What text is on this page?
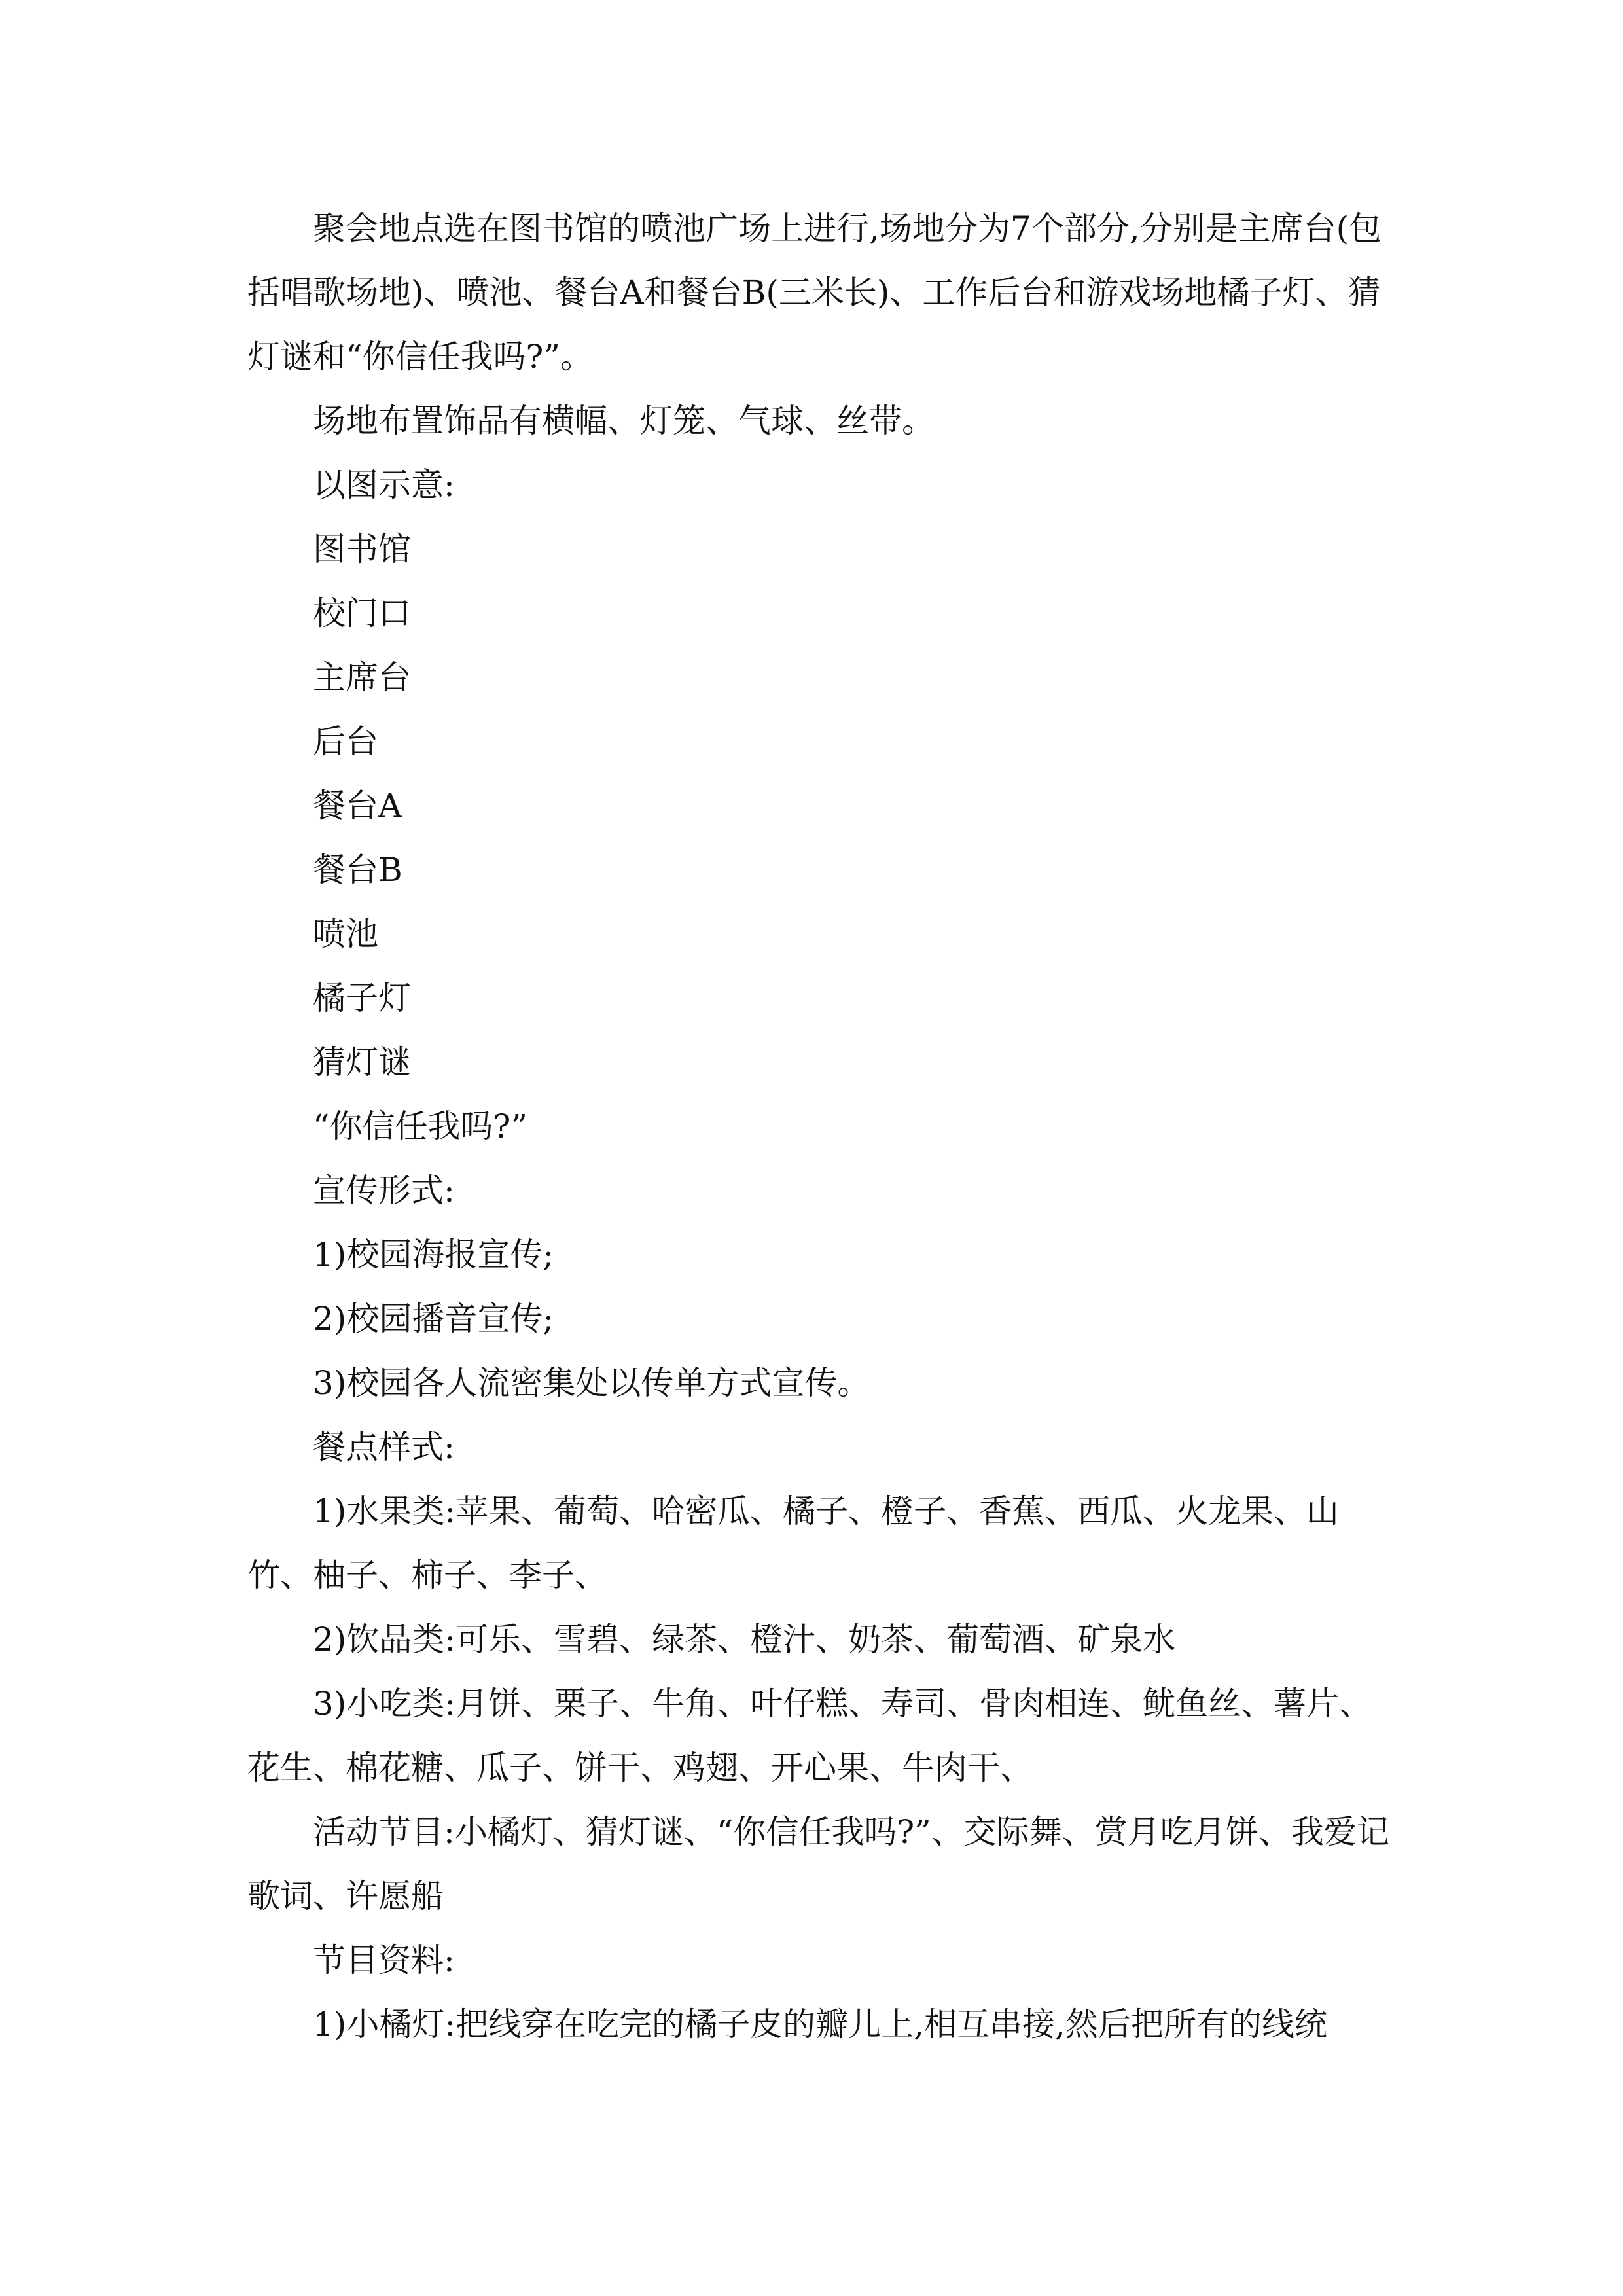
聚会地点选在图书馆的喷池广场上进行,场地分为7个部分,分别是主席台(包括唱歌场地)、喷池、餐台A和餐台B(三米长)、工作后台和游戏场地橘子灯、猜灯谜和“你信任我吗?”。

场地布置饰品有横幅、灯笼、气球、丝带。

以图示意:

图书馆

校门口

主席台

后台

餐台A

餐台B

喷池

橘子灯

猜灯谜

“你信任我吗?”

宣传形式:

1)校园海报宣传;

2)校园播音宣传;

3)校园各人流密集处以传单方式宣传。

餐点样式:

1)水果类:苹果、葡萄、哈密瓜、橘子、橙子、香蕉、西瓜、火龙果、山竹、柚子、柿子、李子、

2)饮品类:可乐、雪碧、绿茶、橙汁、奶茶、葡萄酒、矿泉水

3)小吃类:月饼、栗子、牛角、叶仔糕、寿司、骨肉相连、鱿鱼丝、薯片、花生、棉花糖、瓜子、饼干、鸡翅、开心果、牛肉干、

活动节目:小橘灯、猜灯谜、“你信任我吗?”、交际舞、赏月吃月饼、我爱记歌词、许愿船

节目资料:

1)小橘灯:把线穿在吃完的橘子皮的瓣儿上,相互串接,然后把所有的线统
